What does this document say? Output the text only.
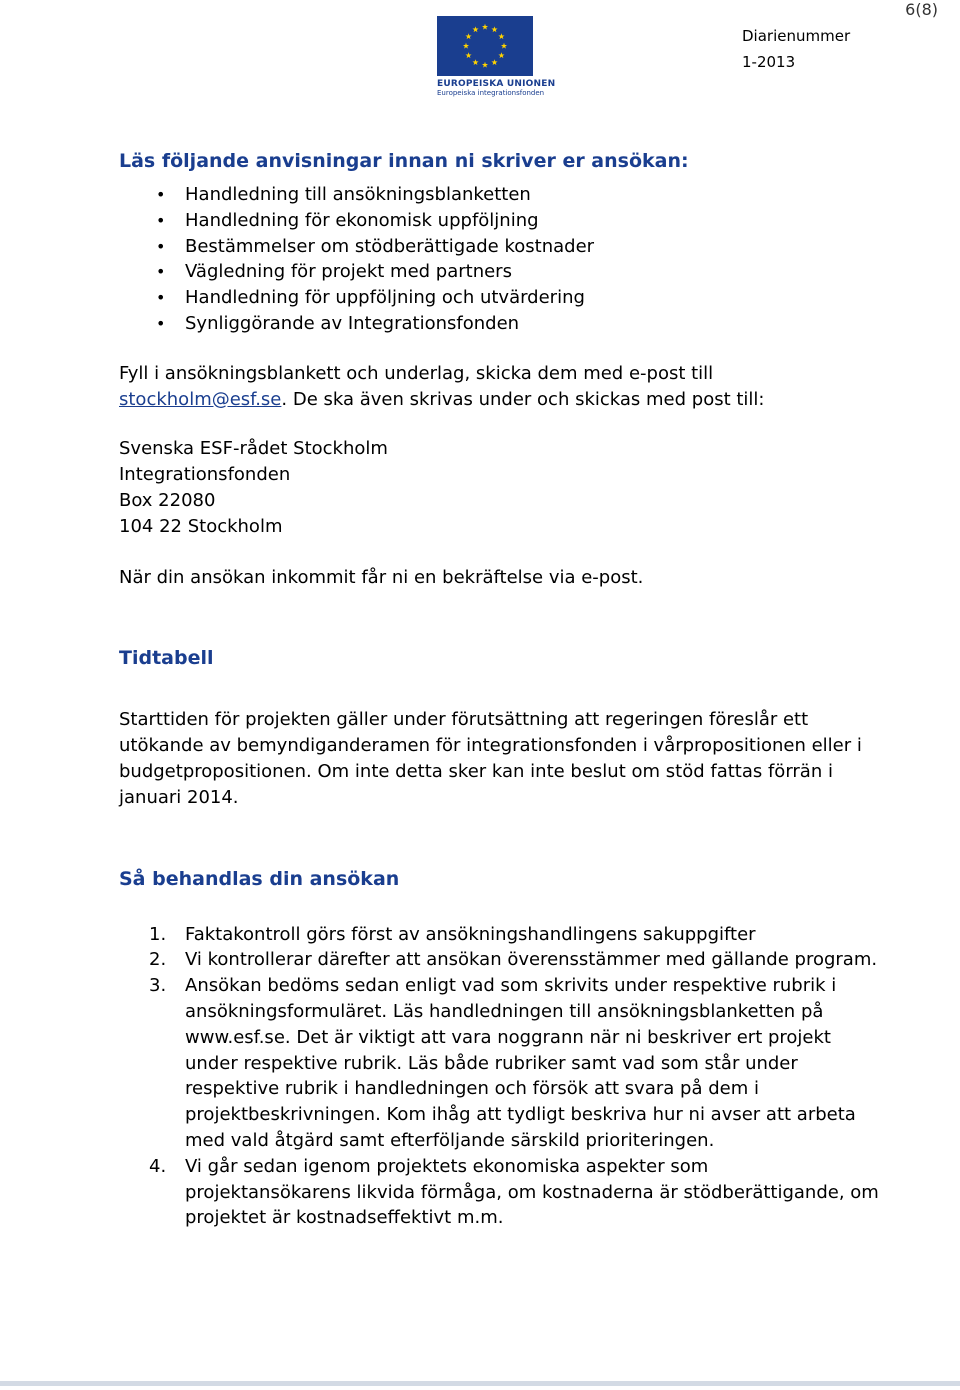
6(8)
EUROPEISKA UNIONEN
Europeiska integrationsfonden
Diarienummer
1-2013
Läs följande anvisningar innan ni skriver er ansökan:
• Handledning till ansökningsblanketten
• Handledning för ekonomisk uppföljning
• Bestämmelser om stödberättigade kostnader
• Vägledning för projekt med partners
• Handledning för uppföljning och utvärdering
• Synliggörande av Integrationsfonden

Fyll i ansökningsblankett och underlag, skicka dem med e-post till
stockholm@esf.se. De ska även skrivas under och skickas med post till:

Svenska ESF-rådet Stockholm

Integrationsfonden

Box 22080

104 22 Stockholm

När din ansökan inkommit får ni en bekräftelse via e-post.

Tidtabell

Starttiden för projekten gäller under förutsättning att regeringen föreslår ett utökande av bemyndiganderamen för integrationsfonden i vårpropositionen eller i budgetpropositionen. Om inte detta sker kan inte beslut om stöd fattas förrän i januari 2014.

Så behandlas din ansökan
1. Faktakontroll görs först av ansökningshandlingens sakuppgifter
2. Vi kontrollerar därefter att ansökan överensstämmer med gällande program.
3. Ansökan bedöms sedan enligt vad som skrivits under respektive rubrik i ansökningsformuläret. Läs handledningen till ansökningsblanketten på www.esf.se. Det är viktigt att vara noggrann när ni beskriver ert projekt under respektive rubrik. Läs både rubriker samt vad som står under respektive rubrik i handledningen och försök att svara på dem i projektbeskrivningen. Kom ihåg att tydligt beskriva hur ni avser att arbeta med vald åtgärd samt efterföljande särskild prioriteringen.
4. Vi går sedan igenom projektets ekonomiska aspekter som projektansökarens likvida förmåga, om kostnaderna är stödberättigande, om projektet är kostnadseffektivt m.m.
